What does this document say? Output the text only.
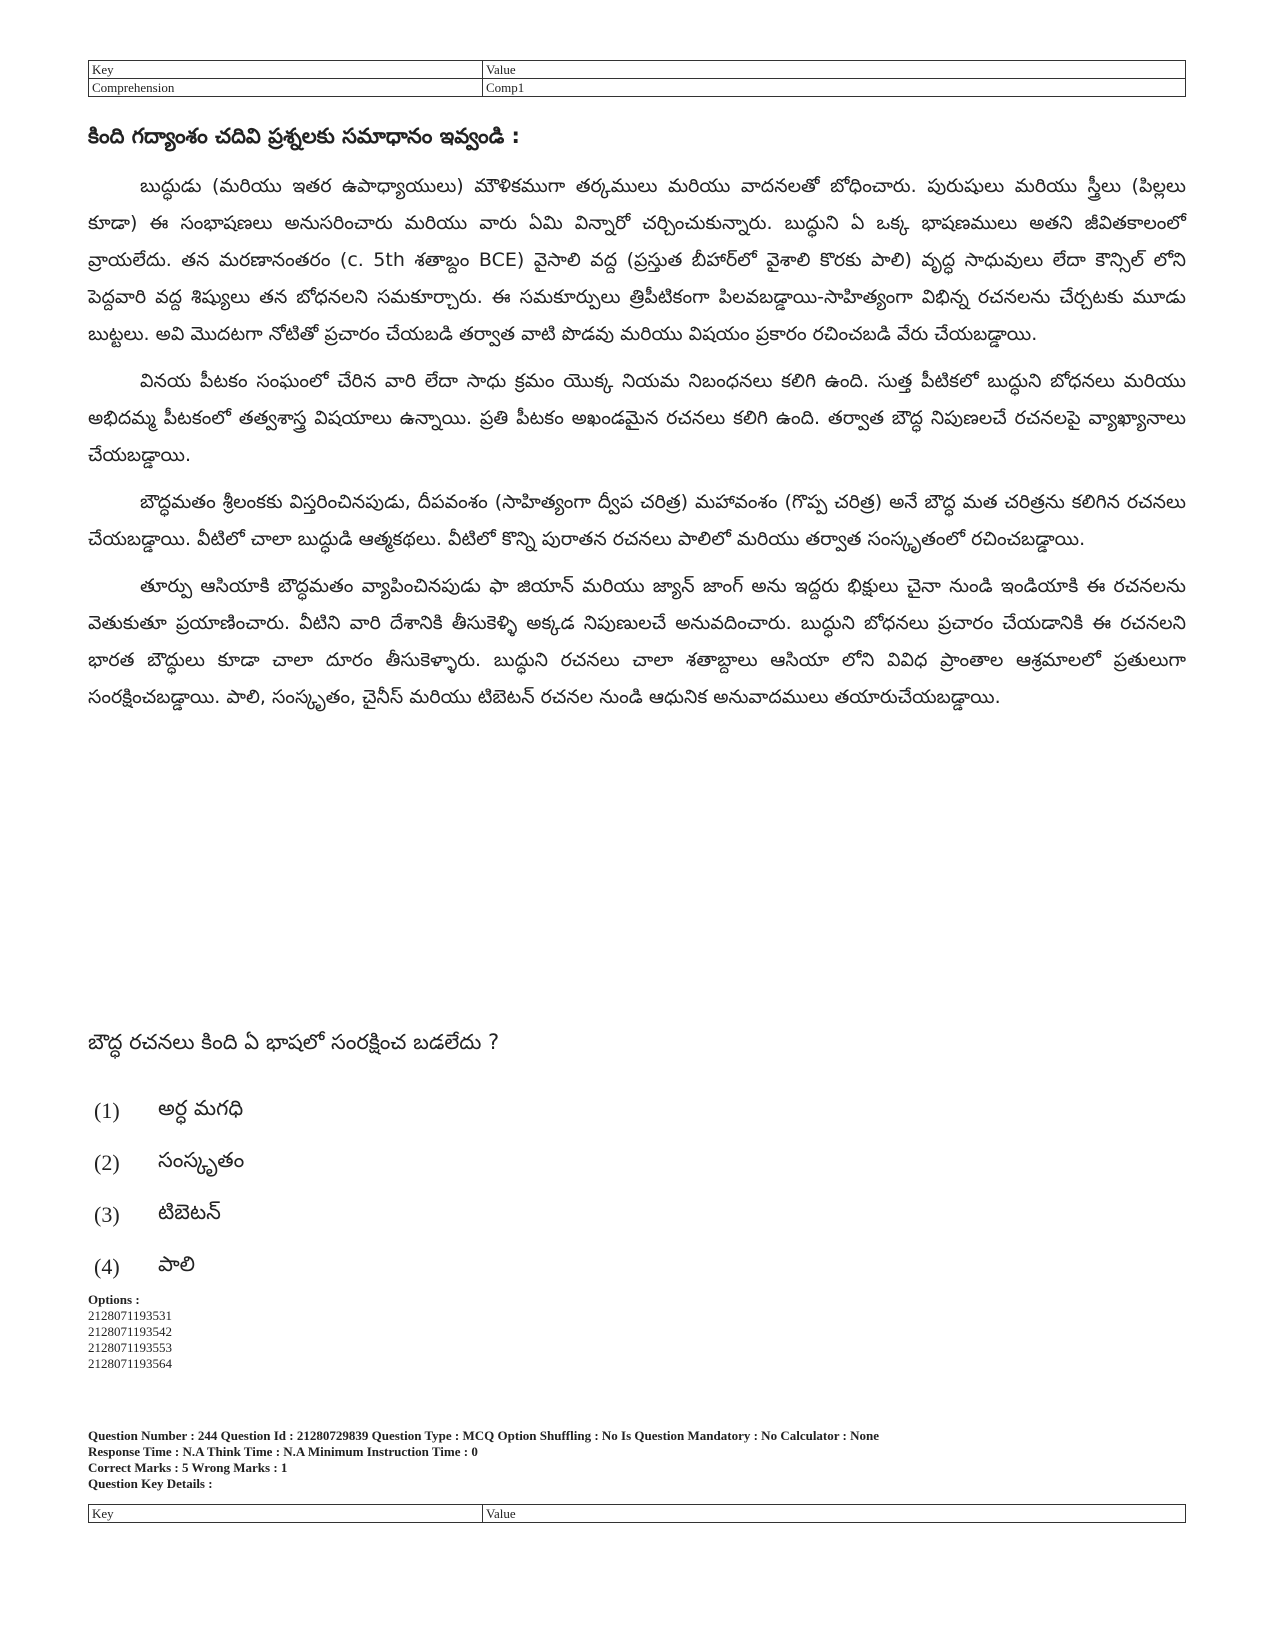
Key	Value
Comprehension	Comp1
కింది గద్యాంశం చదివి ప్రశ్నలకు సమాధానం ఇవ్వండి :

బుద్ధుడు (మరియు ఇతర ఉపాధ్యాయులు) మౌళికముగా తర్కములు మరియు వాదనలతో బోధించారు. పురుషులు మరియు స్త్రీలు (పిల్లలు కూడా) ఈ సంభాషణలు అనుసరించారు మరియు వారు ఏమి విన్నారో చర్చించుకున్నారు. బుద్ధుని ఏ ఒక్క భాషణములు అతని జీవితకాలంలో వ్రాయలేదు. తన మరణానంతరం (c. 5th శతాబ్దం BCE) వైసాలి వద్ద (ప్రస్తుత బీహార్‌లో వైశాలి కొరకు పాలి) వృద్ధ సాధువులు లేదా కౌన్సిల్ లోని పెద్దవారి వద్ద శిష్యులు తన బోధనలని సమకూర్చారు. ఈ సమకూర్పులు త్రిపీటికంగా పిలవబడ్డాయి-సాహిత్యంగా విభిన్న రచనలను చేర్చటకు మూడు బుట్టలు. అవి మొదటగా నోటితో ప్రచారం చేయబడి తర్వాత వాటి పొడవు మరియు విషయం ప్రకారం రచించబడి వేరు చేయబడ్డాయి.

వినయ పీటకం సంఘంలో చేరిన వారి లేదా సాధు క్రమం యొక్క నియమ నిబంధనలు కలిగి ఉంది. సుత్త పీటికలో బుద్ధుని బోధనలు మరియు అభిదమ్మ పీటకంలో తత్వశాస్త్ర విషయాలు ఉన్నాయి. ప్రతి పీటకం అఖండమైన రచనలు కలిగి ఉంది. తర్వాత బౌద్ధ నిపుణలచే రచనలపై వ్యాఖ్యానాలు చేయబడ్డాయి.

బౌద్ధమతం శ్రీలంకకు విస్తరించినపుడు, దీపవంశం (సాహిత్యంగా ద్వీప చరిత్ర) మహావంశం (గొప్ప చరిత్ర) అనే బౌద్ధ మత చరిత్రను కలిగిన రచనలు చేయబడ్డాయి. వీటిలో చాలా బుద్ధుడి ఆత్మకథలు. వీటిలో కొన్ని పురాతన రచనలు పాలిలో మరియు తర్వాత సంస్కృతంలో రచించబడ్డాయి.

తూర్పు ఆసియాకి బౌద్ధమతం వ్యాపించినపుడు ఫా జియాన్ మరియు జ్యాన్ జాంగ్ అను ఇద్దరు భిక్షులు చైనా నుండి ఇండియాకి ఈ రచనలను వెతుకుతూ ప్రయాణించారు. వీటిని వారి దేశానికి తీసుకెళ్ళి అక్కడ నిపుణులచే అనువదించారు. బుద్ధుని బోధనలు ప్రచారం చేయడానికి ఈ రచనలని భారత బౌద్ధులు కూడా చాలా దూరం తీసుకెళ్ళారు. బుద్ధుని రచనలు చాలా శతాబ్దాలు ఆసియా లోని వివిధ ప్రాంతాల ఆశ్రమాలలో ప్రతులుగా సంరక్షించబడ్డాయి. పాలి, సంస్కృతం, చైనీస్ మరియు టిబెటన్ రచనల నుండి ఆధునిక అనువాదములు తయారుచేయబడ్డాయి.

బౌద్ధ రచనలు కింది ఏ భాషలో సంరక్షించ బడలేదు ?
(1)	అర్ధ మగధి
(2)	సంస్కృతం
(3)	టిబెటన్
(4)	పాలి
Options :
2128071193531
2128071193542
2128071193553
2128071193564
Question Number : 244 Question Id : 21280729839 Question Type : MCQ Option Shuffling : No Is Question Mandatory : No Calculator : None
Response Time : N.A Think Time : N.A Minimum Instruction Time : 0
Correct Marks : 5 Wrong Marks : 1
Question Key Details :
Key	Value
